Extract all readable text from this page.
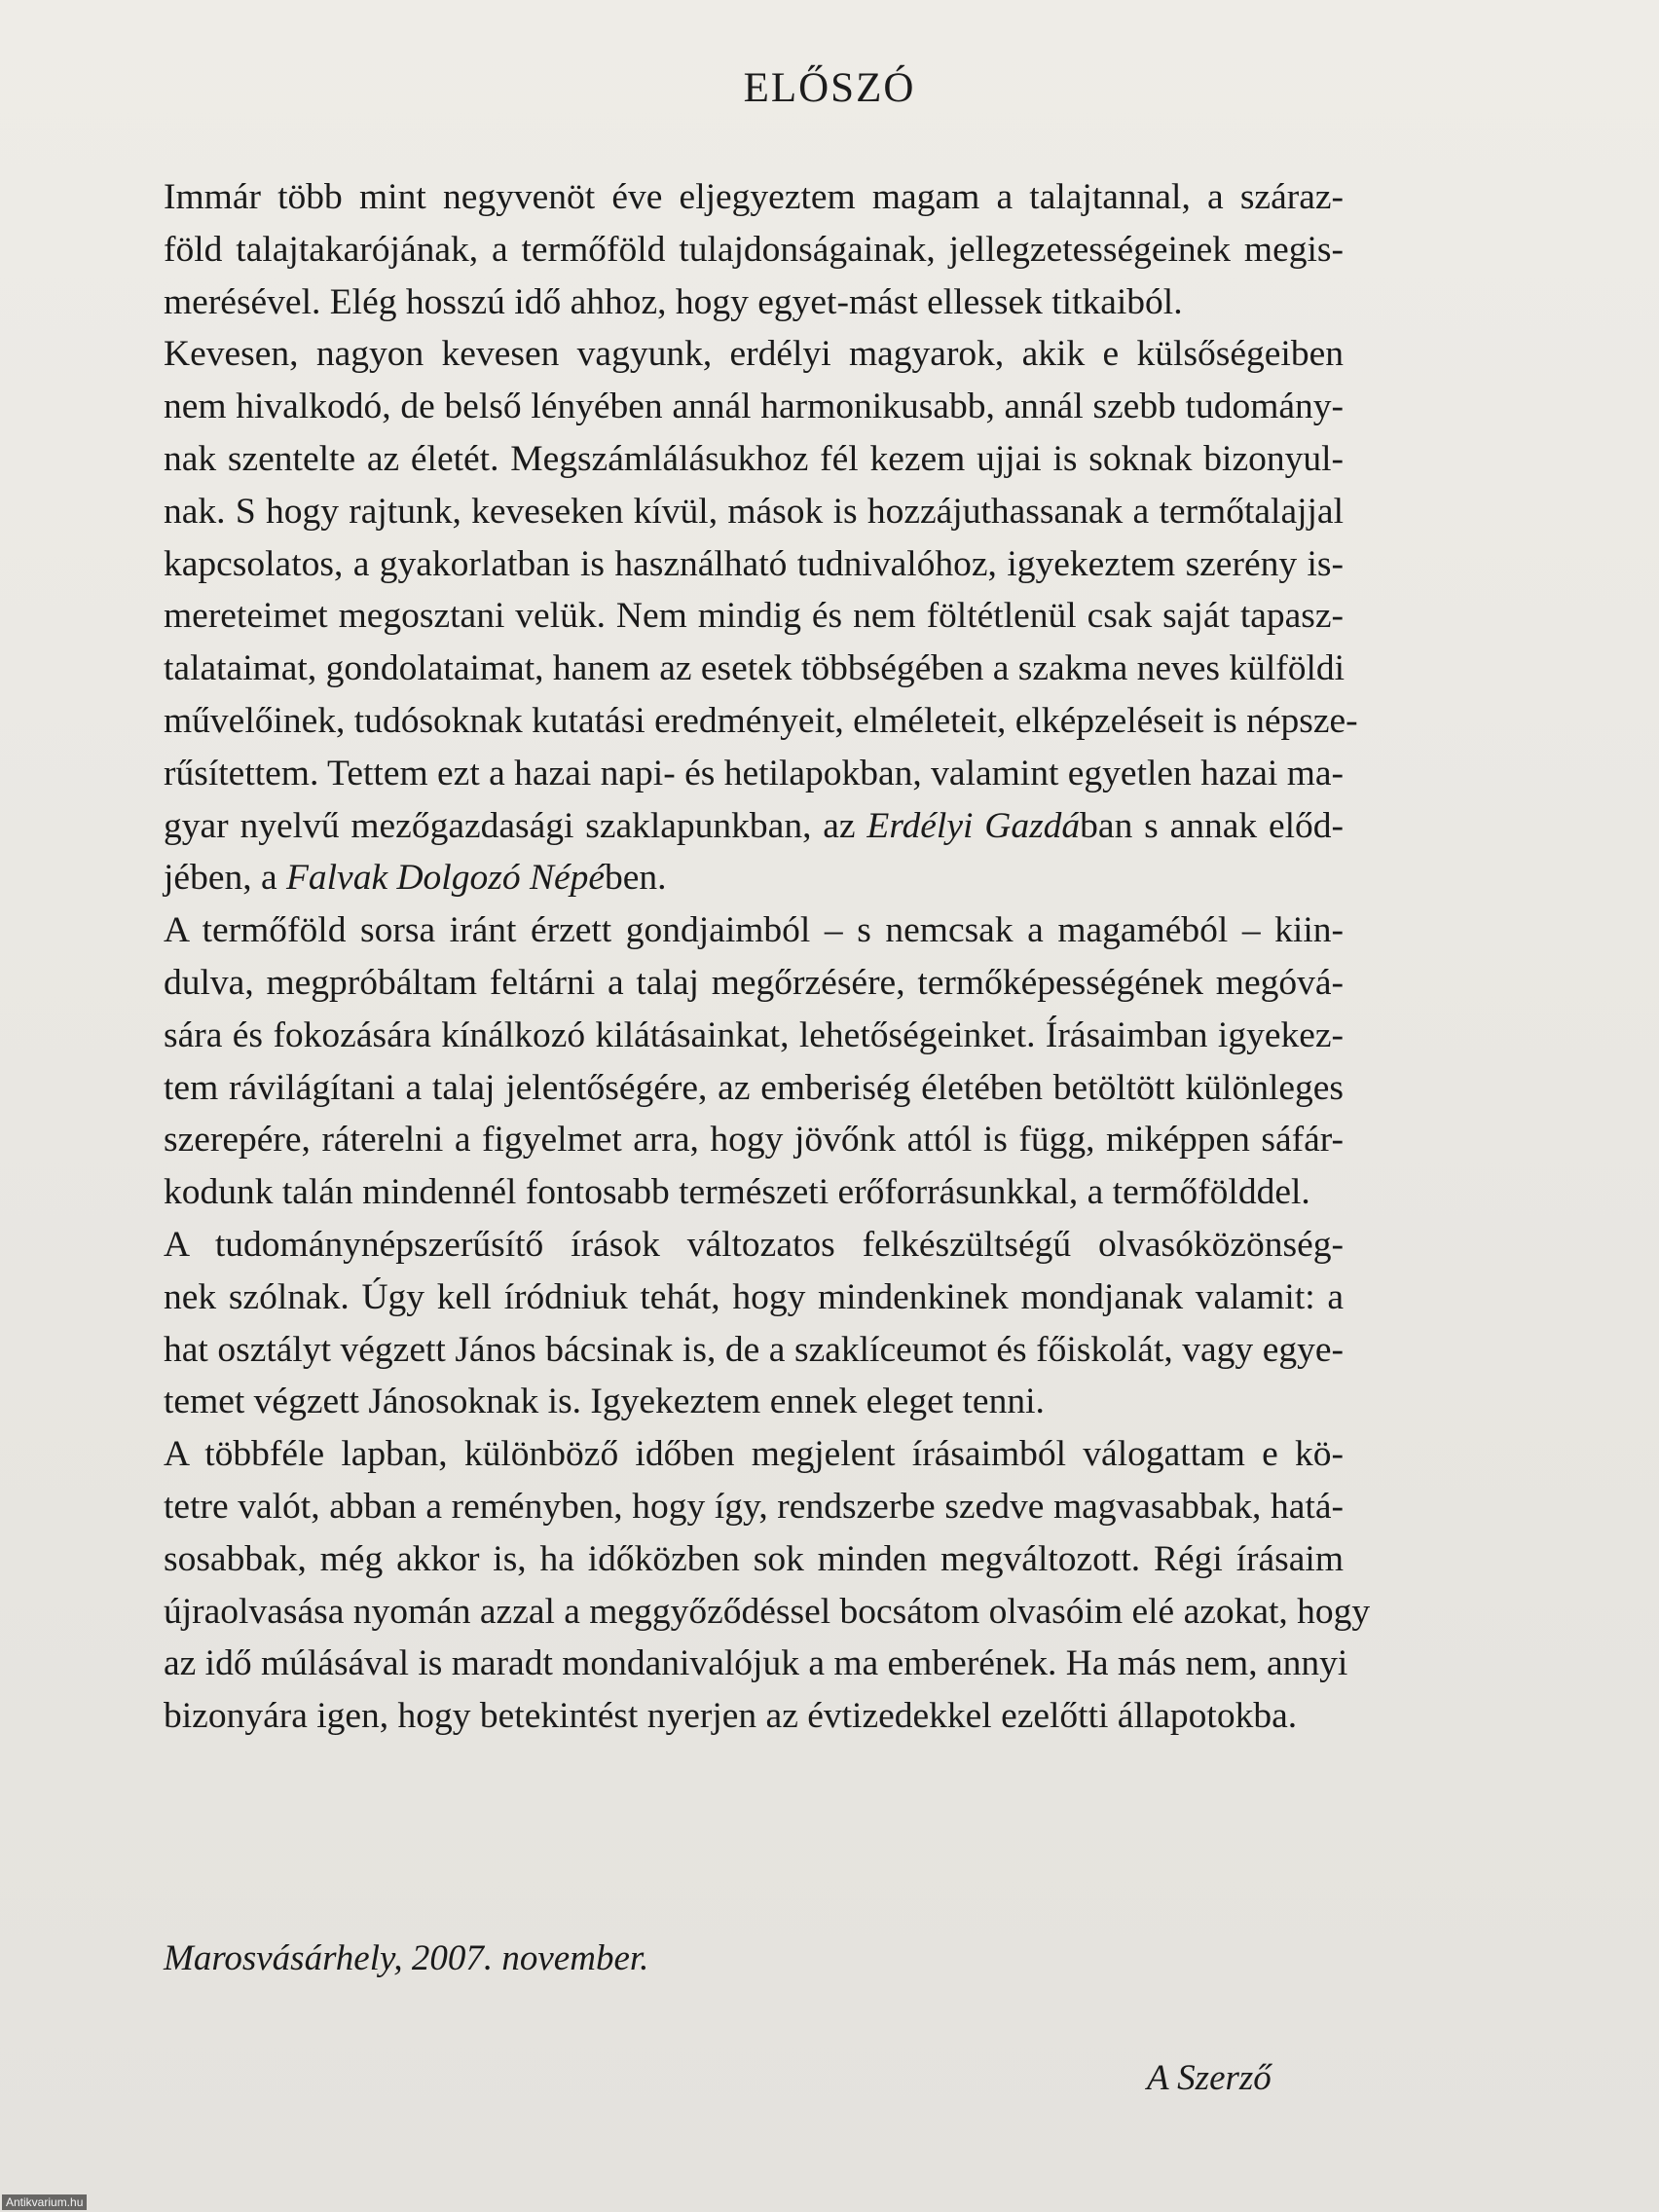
ELŐSZÓ
Immár több mint negyvenöt éve eljegyeztem magam a talajtannal, a száraz-
föld talajtakarójának, a termőföld tulajdonságainak, jellegzetességeinek megis-
merésével. Elég hosszú idő ahhoz, hogy egyet-mást ellessek titkaiból.
Kevesen, nagyon kevesen vagyunk, erdélyi magyarok, akik e külsőségeiben
nem hivalkodó, de belső lényében annál harmonikusabb, annál szebb tudomány-
nak szentelte az életét. Megszámlálásukhoz fél kezem ujjai is soknak bizonyul-
nak. S hogy rajtunk, keveseken kívül, mások is hozzájuthassanak a termőtalajjal
kapcsolatos, a gyakorlatban is használható tudnivalóhoz, igyekeztem szerény is-
mereteimet megosztani velük. Nem mindig és nem föltétlenül csak saját tapasz-
talataimat, gondolataimat, hanem az esetek többségében a szakma neves külföldi
művelőinek, tudósoknak kutatási eredményeit, elméleteit, elképzeléseit is népsze-
rűsítettem. Tettem ezt a hazai napi- és hetilapokban, valamint egyetlen hazai ma-
gyar nyelvű mezőgazdasági szaklapunkban, az Erdélyi Gazdában s annak előd-
jében, a Falvak Dolgozó Népében.
A termőföld sorsa iránt érzett gondjaimból – s nemcsak a magaméból – kiin-
dulva, megpróbáltam feltárni a talaj megőrzésére, termőképességének megóvá-
sára és fokozására kínálkozó kilátásainkat, lehetőségeinket. Írásaimban igyekez-
tem rávilágítani a talaj jelentőségére, az emberiség életében betöltött különleges
szerepére, ráterelni a figyelmet arra, hogy jövőnk attól is függ, miképpen sáfár-
kodunk talán mindennél fontosabb természeti erőforrásunkkal, a termőfölddel.
A tudománynépszerűsítő írások változatos felkészültségű olvasóközönség-
nek szólnak. Úgy kell íródniuk tehát, hogy mindenkinek mondjanak valamit: a
hat osztályt végzett János bácsinak is, de a szaklíceumot és főiskolát, vagy egye-
temet végzett Jánosoknak is. Igyekeztem ennek eleget tenni.
A többféle lapban, különböző időben megjelent írásaimból válogattam e kö-
tetre valót, abban a reményben, hogy így, rendszerbe szedve magvasabbak, hatá-
sosabbak, még akkor is, ha időközben sok minden megváltozott. Régi írásaim
újraolvasása nyomán azzal a meggyőződéssel bocsátom olvasóim elé azokat, hogy
az idő múlásával is maradt mondanivalójuk a ma emberének. Ha más nem, annyi
bizonyára igen, hogy betekintést nyerjen az évtizedekkel ezelőtti állapotokba.
Marosvásárhely, 2007. november.
A Szerző
Antikvarium.hu
